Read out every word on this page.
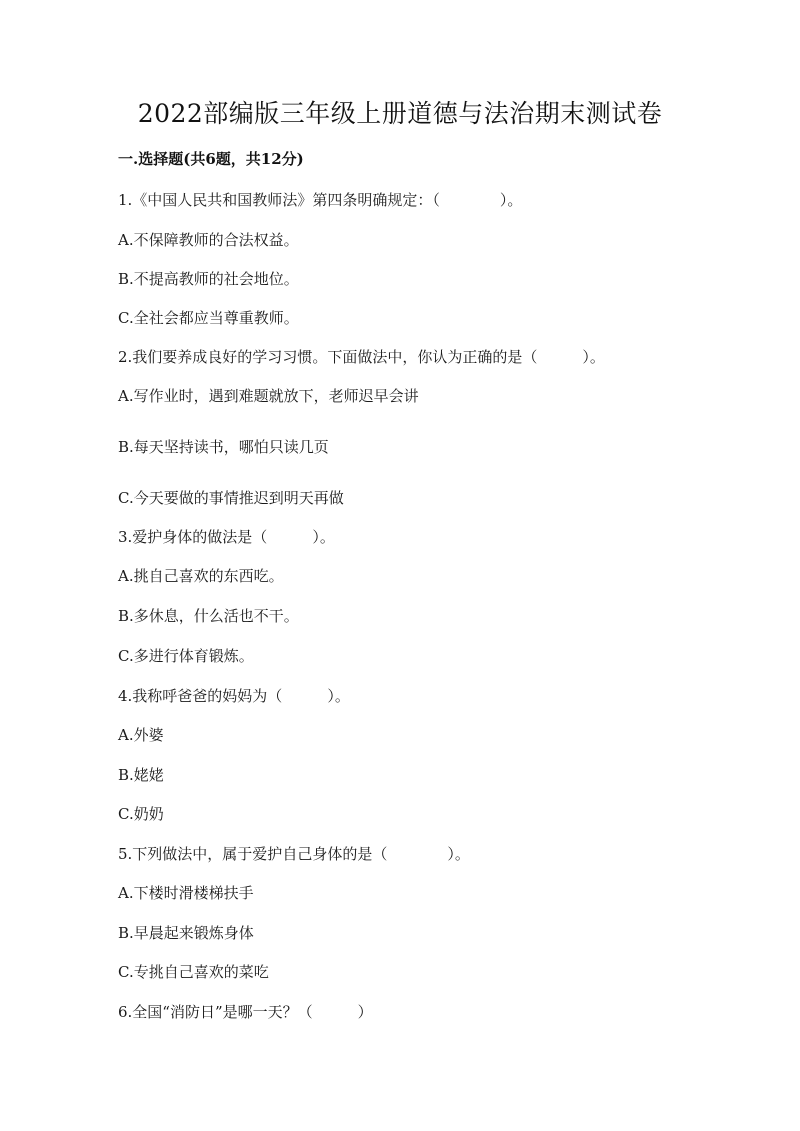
2022部编版三年级上册道德与法治期末测试卷
一.选择题(共6题，共12分)
1.《中国人民共和国教师法》第四条明确规定：（　　　　）。
A.不保障教师的合法权益。
B.不提高教师的社会地位。
C.全社会都应当尊重教师。
2.我们要养成良好的学习习惯。下面做法中，你认为正确的是（　　　）。
A.写作业时，遇到难题就放下，老师迟早会讲
B.每天坚持读书，哪怕只读几页
C.今天要做的事情推迟到明天再做
3.爱护身体的做法是（　　　）。
A.挑自己喜欢的东西吃。
B.多休息，什么活也不干。
C.多进行体育锻炼。
4.我称呼爸爸的妈妈为（　　　）。
A.外婆
B.姥姥
C.奶奶
5.下列做法中，属于爱护自己身体的是（　　　　）。
A.下楼时滑楼梯扶手
B.早晨起来锻炼身体
C.专挑自己喜欢的菜吃
6.全国“消防日”是哪一天？（　　　）
